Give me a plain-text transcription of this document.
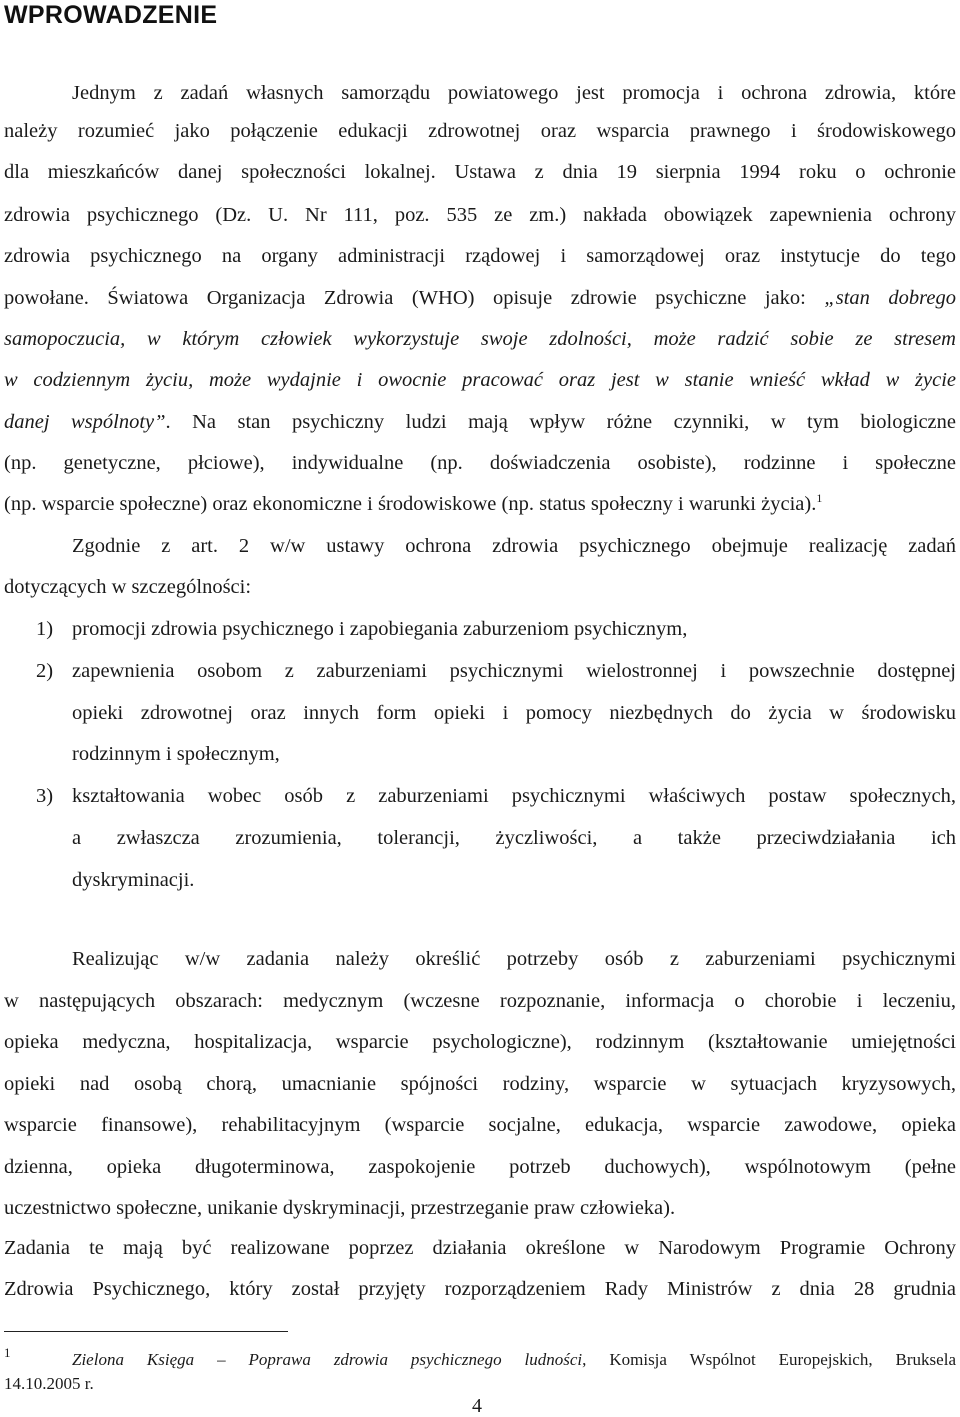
WPROWADZENIE
Jednym z zadań własnych samorządu powiatowego jest promocja i ochrona zdrowia, które
należy rozumieć jako połączenie edukacji zdrowotnej oraz wsparcia prawnego i środowiskowego
dla mieszkańców danej społeczności lokalnej. Ustawa z dnia 19 sierpnia 1994 roku o ochronie
zdrowia psychicznego (Dz. U. Nr 111, poz. 535 ze zm.) nakłada obowiązek zapewnienia ochrony
zdrowia psychicznego na organy administracji rządowej i samorządowej oraz instytucje do tego
powołane. Światowa Organizacja Zdrowia (WHO) opisuje zdrowie psychiczne jako: „stan dobrego
samopoczucia, w którym człowiek wykorzystuje swoje zdolności, może radzić sobie ze stresem
w codziennym życiu, może wydajnie i owocnie pracować oraz jest w stanie wnieść wkład w życie
danej wspólnoty”. Na stan psychiczny ludzi mają wpływ różne czynniki, w tym biologiczne
(np. genetyczne, płciowe), indywidualne (np. doświadczenia osobiste), rodzinne i społeczne
(np. wsparcie społeczne) oraz ekonomiczne i środowiskowe (np. status społeczny i warunki życia).$^1$
Zgodnie z art. 2 w/w ustawy ochrona zdrowia psychicznego obejmuje realizację zadań
dotyczących w szczególności:
1) promocji zdrowia psychicznego i zapobiegania zaburzeniom psychicznym,
2) zapewnienia osobom z zaburzeniami psychicznymi wielostronnej i powszechnie dostępnej
opieki zdrowotnej oraz innych form opieki i pomocy niezbędnych do życia w środowisku
rodzinnym i społecznym,
3) kształtowania wobec osób z zaburzeniami psychicznymi właściwych postaw społecznych,
a zwłaszcza zrozumienia, tolerancji, życzliwości, a także przeciwdziałania ich
dyskryminacji.
Realizując w/w zadania należy określić potrzeby osób z zaburzeniami psychicznymi
w następujących obszarach: medycznym (wczesne rozpoznanie, informacja o chorobie i leczeniu,
opieka medyczna, hospitalizacja, wsparcie psychologiczne), rodzinnym (kształtowanie umiejętności
opieki nad osobą chorą, umacnianie spójności rodziny, wsparcie w sytuacjach kryzysowych,
wsparcie finansowe), rehabilitacyjnym (wsparcie socjalne, edukacja, wsparcie zawodowe, opieka
dzienna, opieka długoterminowa, zaspokojenie potrzeb duchowych), wspólnotowym (pełne
uczestnictwo społeczne, unikanie dyskryminacji, przestrzeganie praw człowieka).
Zadania te mają być realizowane poprzez działania określone w Narodowym Programie Ochrony
Zdrowia Psychicznego, który został przyjęty rozporządzeniem Rady Ministrów z dnia 28 grudnia
1	Zielona Księga – Poprawa zdrowia psychicznego ludności, Komisja Wspólnot Europejskich, Bruksela
14.10.2005 r.
4
